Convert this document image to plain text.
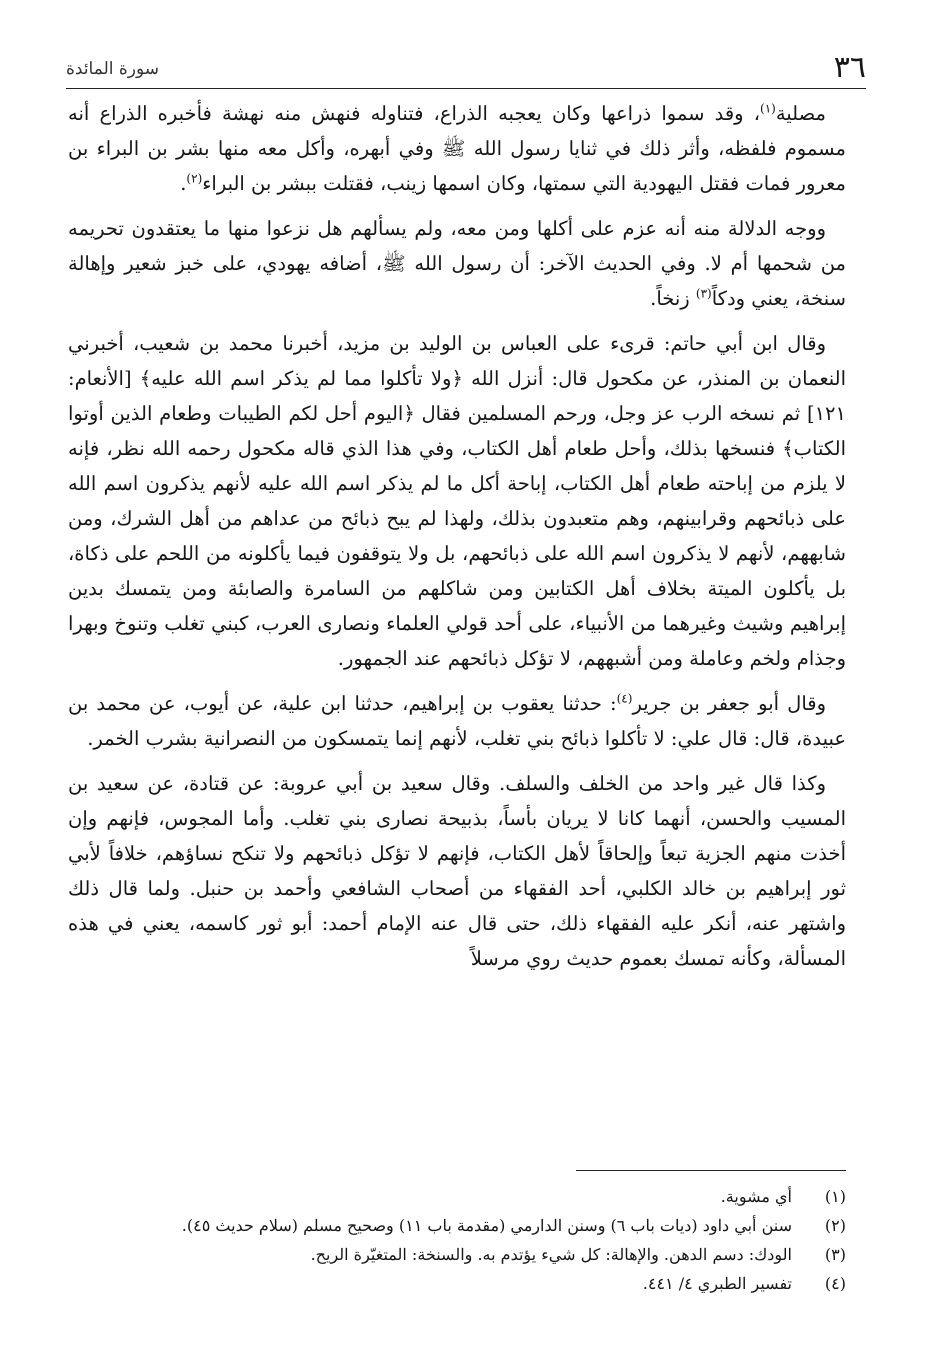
٣٦
سورة المائدة

مصلية$^{(١)}$، وقد سموا ذراعها وكان يعجبه الذراع، فتناوله فنهش منه نهشة فأخبره الذراع أنه مسموم فلفظه، وأثر ذلك في ثنايا رسول الله ﷺ وفي أبهره، وأكل معه منها بشر بن البراء بن معرور فمات فقتل اليهودية التي سمتها، وكان اسمها زينب، فقتلت ببشر بن البراء$^{(٢)}$.

ووجه الدلالة منه أنه عزم على أكلها ومن معه، ولم يسألهم هل نزعوا منها ما يعتقدون تحريمه من شحمها أم لا. وفي الحديث الآخر: أن رسول الله ﷺ، أضافه يهودي، على خبز شعير وإهالة سنخة، يعني ودكاً$^{(٣)}$ زنخاً.

وقال ابن أبي حاتم: قرىء على العباس بن الوليد بن مزيد، أخبرنا محمد بن شعيب، أخبرني النعمان بن المنذر، عن مكحول قال: أنزل الله ﴿ولا تأكلوا مما لم يذكر اسم الله عليه﴾ [الأنعام: ١٢١] ثم نسخه الرب عز وجل، ورحم المسلمين فقال ﴿اليوم أحل لكم الطيبات وطعام الذين أوتوا الكتاب﴾ فنسخها بذلك، وأحل طعام أهل الكتاب، وفي هذا الذي قاله مكحول رحمه الله نظر، فإنه لا يلزم من إباحته طعام أهل الكتاب، إباحة أكل ما لم يذكر اسم الله عليه لأنهم يذكرون اسم الله على ذبائحهم وقرابينهم، وهم متعبدون بذلك، ولهذا لم يبح ذبائح من عداهم من أهل الشرك، ومن شابههم، لأنهم لا يذكرون اسم الله على ذبائحهم، بل ولا يتوقفون فيما يأكلونه من اللحم على ذكاة، بل يأكلون الميتة بخلاف أهل الكتابين ومن شاكلهم من السامرة والصابئة ومن يتمسك بدين إبراهيم وشيث وغيرهما من الأنبياء، على أحد قولي العلماء ونصارى العرب، كبني تغلب وتنوخ وبهرا وجذام ولخم وعاملة ومن أشبههم، لا تؤكل ذبائحهم عند الجمهور.

وقال أبو جعفر بن جرير$^{(٤)}$: حدثنا يعقوب بن إبراهيم، حدثنا ابن علية، عن أيوب، عن محمد بن عبيدة، قال: قال علي: لا تأكلوا ذبائح بني تغلب، لأنهم إنما يتمسكون من النصرانية بشرب الخمر.

وكذا قال غير واحد من الخلف والسلف. وقال سعيد بن أبي عروبة: عن قتادة، عن سعيد بن المسيب والحسن، أنهما كانا لا يريان بأساً، بذبيحة نصارى بني تغلب. وأما المجوس، فإنهم وإن أخذت منهم الجزية تبعاً وإلحاقاً لأهل الكتاب، فإنهم لا تؤكل ذبائحهم ولا تنكح نساؤهم، خلافاً لأبي ثور إبراهيم بن خالد الكلبي، أحد الفقهاء من أصحاب الشافعي وأحمد بن حنبل. ولما قال ذلك واشتهر عنه، أنكر عليه الفقهاء ذلك، حتى قال عنه الإمام أحمد: أبو ثور كاسمه، يعني في هذه المسألة، وكأنه تمسك بعموم حديث روي مرسلاً

(١)
أي مشوية.
(٢)
سنن أبي داود (ديات باب ٦) وسنن الدارمي (مقدمة باب ١١) وصحيح مسلم (سلام حديث ٤٥).
(٣)
الودك: دسم الدهن. والإهالة: كل شيء يؤتدم به. والسنخة: المتغيّرة الريح.
(٤)
تفسير الطبري ٤/ ٤٤١.
